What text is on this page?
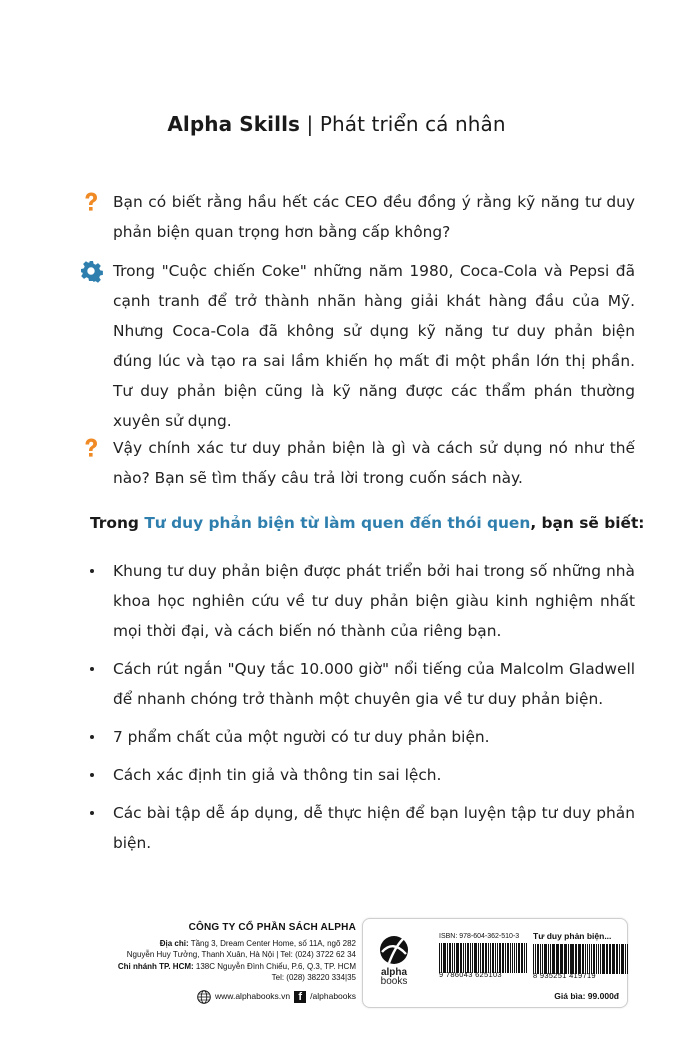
Alpha Skills | Phát triển cá nhân
Bạn có biết rằng hầu hết các CEO đều đồng ý rằng kỹ năng tư duy phản biện quan trọng hơn bằng cấp không?
Trong "Cuộc chiến Coke" những năm 1980, Coca-Cola và Pepsi đã cạnh tranh để trở thành nhãn hàng giải khát hàng đầu của Mỹ. Nhưng Coca-Cola đã không sử dụng kỹ năng tư duy phản biện đúng lúc và tạo ra sai lầm khiến họ mất đi một phần lớn thị phần. Tư duy phản biện cũng là kỹ năng được các thẩm phán thường xuyên sử dụng.
Vậy chính xác tư duy phản biện là gì và cách sử dụng nó như thế nào? Bạn sẽ tìm thấy câu trả lời trong cuốn sách này.
Trong Tư duy phản biện từ làm quen đến thói quen, bạn sẽ biết:
Khung tư duy phản biện được phát triển bởi hai trong số những nhà khoa học nghiên cứu về tư duy phản biện giàu kinh nghiệm nhất mọi thời đại, và cách biến nó thành của riêng bạn.
Cách rút ngắn "Quy tắc 10.000 giờ" nổi tiếng của Malcolm Gladwell để nhanh chóng trở thành một chuyên gia về tư duy phản biện.
7 phẩm chất của một người có tư duy phản biện.
Cách xác định tin giả và thông tin sai lệch.
Các bài tập dễ áp dụng, dễ thực hiện để bạn luyện tập tư duy phản biện.
CÔNG TY CỔ PHẦN SÁCH ALPHA
Địa chỉ: Tầng 3, Dream Center Home, số 11A, ngõ 282
Nguyễn Huy Tưởng, Thanh Xuân, Hà Nội | Tel: (024) 3722 62 34
Chi nhánh TP. HCM: 138C Nguyễn Đình Chiểu, P.6, Q.3, TP. HCM
Tel: (028) 38220 334|35
www.alphabooks.vn f /alphabooks
alpha
books
ISBN: 978-604-362-510-3
9 786043 625103
Tư duy phản biện...
8 935251 419719
Giá bìa: 99.000đ
